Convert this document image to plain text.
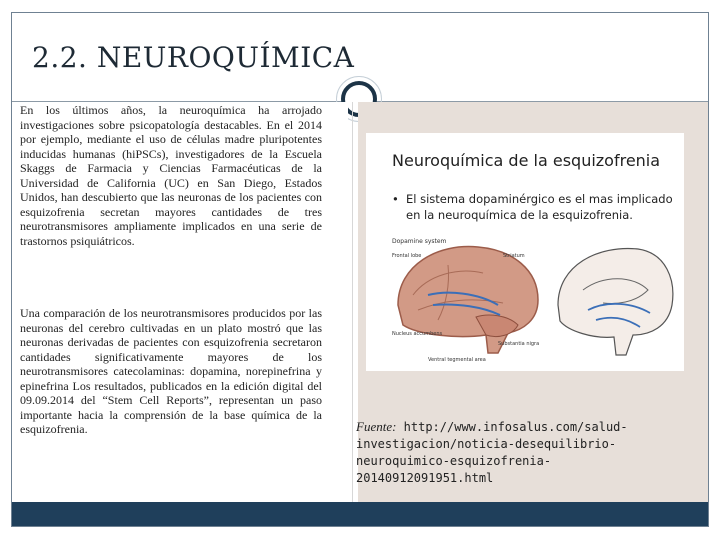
2.2. NEUROQUÍMICA
En los últimos años, la neuroquímica ha arrojado investigaciones sobre psicopatología destacables. En el 2014 por ejemplo, mediante el uso de células madre pluripotentes inducidas humanas (hiPSCs), investigadores de la Escuela Skaggs de Farmacia y Ciencias Farmacéuticas de la Universidad de California (UC) en San Diego, Estados Unidos, han descubierto que las neuronas de los pacientes con esquizofrenia secretan mayores cantidades de tres neurotransmisores ampliamente implicados en una serie de trastornos psiquiátricos.
Una comparación de los neurotransmisores producidos por las neuronas del cerebro cultivadas en un plato mostró que las neuronas derivadas de pacientes con esquizofrenia secretaron cantidades significativamente mayores de los neurotransmisores catecolaminas: dopamina, norepinefrina y epinefrina Los resultados, publicados en la edición digital del 09.09.2014 del “Stem Cell Reports”, representan un paso importante hacia la comprensión de la base química de la esquizofrenia.
Neuroquímica de la esquizofrenia
• El sistema dopaminérgico es el mas implicado en la neuroquímica de la esquizofrenia.
Dopamine system
Frontal lobe	Striatum
Nucleus accumbens
Substantia nigra
Ventral tegmental area
Fuente: http://www.infosalus.com/salud-investigacion/noticia-desequilibrio-neuroquimico-esquizofrenia-20140912091951.html
